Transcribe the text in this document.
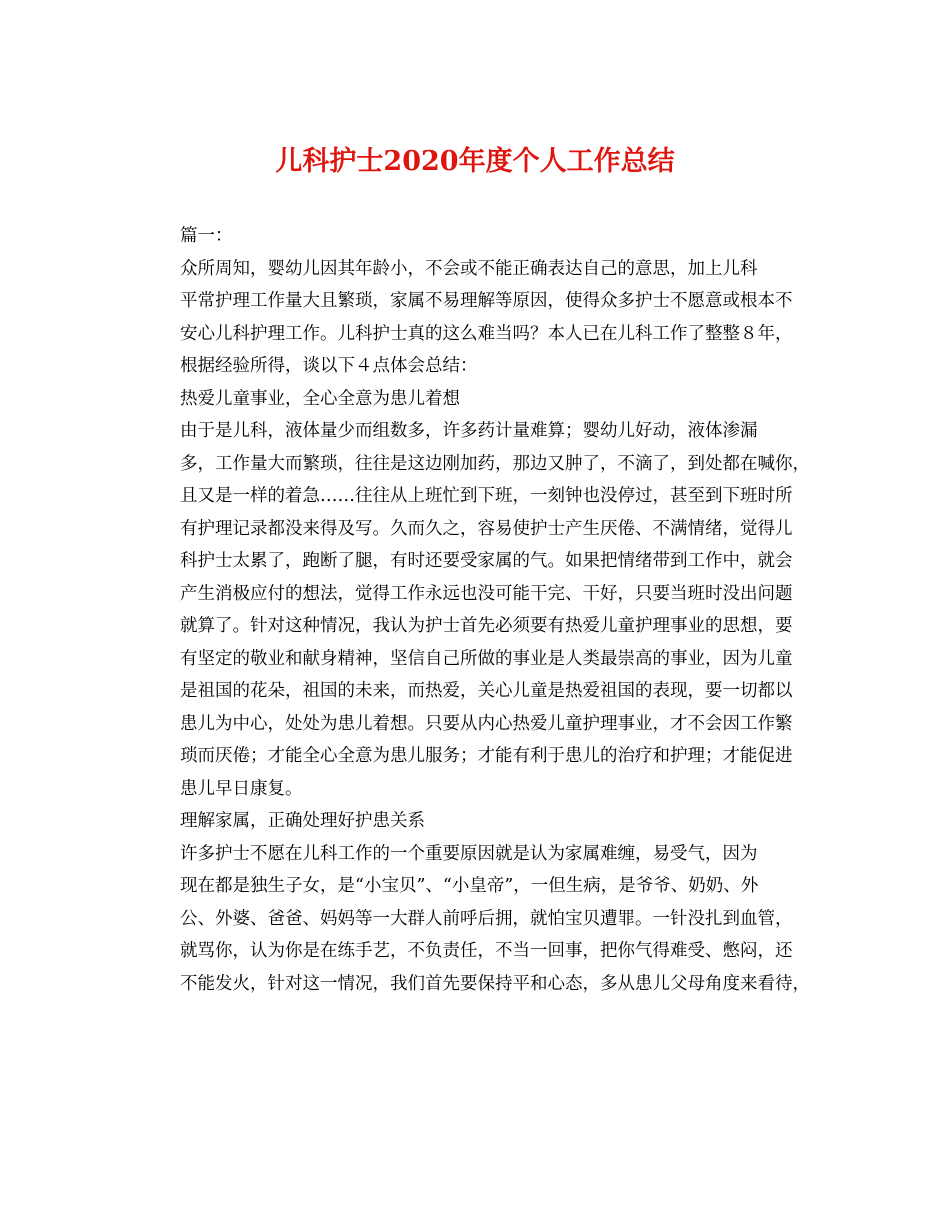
儿科护士2020年度个人工作总结

篇一：

众所周知，婴幼儿因其年龄小，不会或不能正确表达自己的意思，加上儿科
平常护理工作量大且繁琐，家属不易理解等原因，使得众多护士不愿意或根本不
安心儿科护理工作。儿科护士真的这么难当吗？本人已在儿科工作了整整８年，
根据经验所得，谈以下４点体会总结：

热爱儿童事业，全心全意为患儿着想

由于是儿科，液体量少而组数多，许多药计量难算；婴幼儿好动，液体渗漏
多，工作量大而繁琐，往往是这边刚加药，那边又肿了，不滴了，到处都在喊你，
且又是一样的着急……往往从上班忙到下班，一刻钟也没停过，甚至到下班时所
有护理记录都没来得及写。久而久之，容易使护士产生厌倦、不满情绪，觉得儿
科护士太累了，跑断了腿，有时还要受家属的气。如果把情绪带到工作中，就会
产生消极应付的想法，觉得工作永远也没可能干完、干好，只要当班时没出问题
就算了。针对这种情况，我认为护士首先必须要有热爱儿童护理事业的思想，要
有坚定的敬业和献身精神，坚信自己所做的事业是人类最崇高的事业，因为儿童
是祖国的花朵，祖国的未来，而热爱，关心儿童是热爱祖国的表现，要一切都以
患儿为中心，处处为患儿着想。只要从内心热爱儿童护理事业，才不会因工作繁
琐而厌倦；才能全心全意为患儿服务；才能有利于患儿的治疗和护理；才能促进
患儿早日康复。

理解家属，正确处理好护患关系

许多护士不愿在儿科工作的一个重要原因就是认为家属难缠，易受气，因为
现在都是独生子女，是“小宝贝”、“小皇帝”，一但生病，是爷爷、奶奶、外
公、外婆、爸爸、妈妈等一大群人前呼后拥，就怕宝贝遭罪。一针没扎到血管，
就骂你，认为你是在练手艺，不负责任，不当一回事，把你气得难受、憋闷，还
不能发火，针对这一情况，我们首先要保持平和心态，多从患儿父母角度来看待，
